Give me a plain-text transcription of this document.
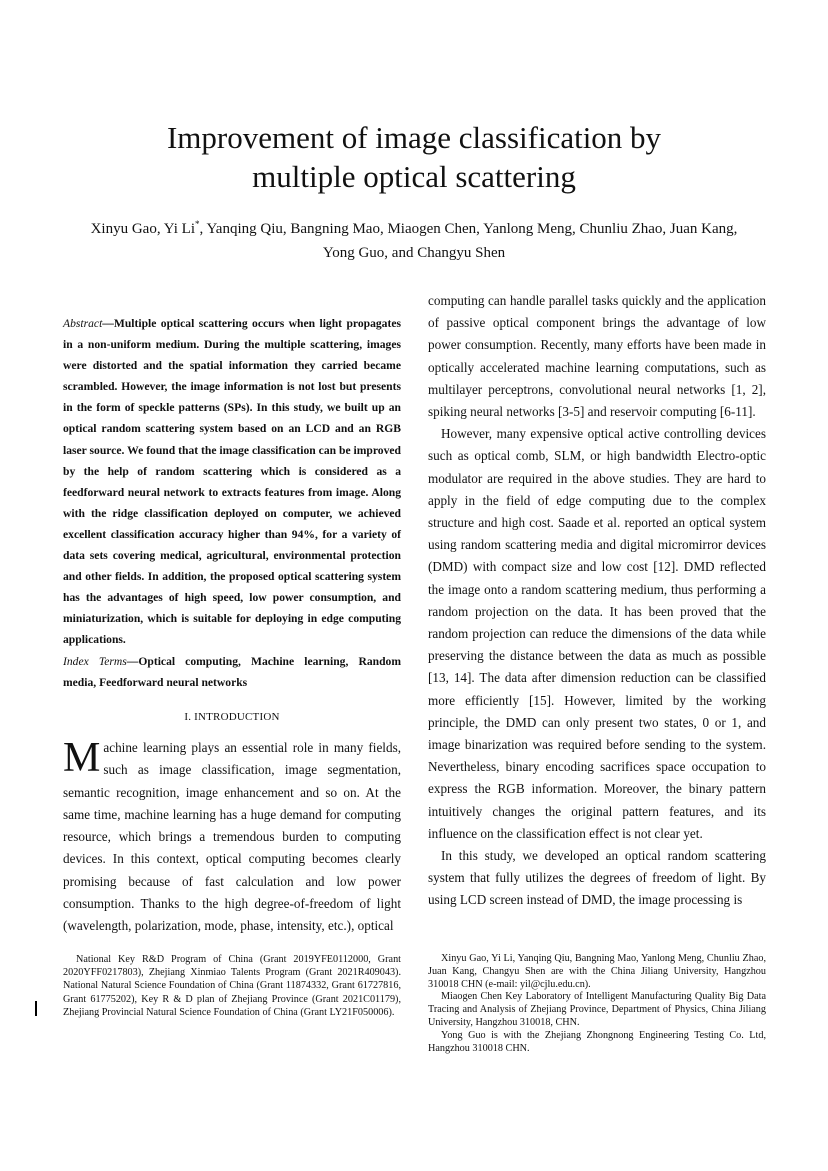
Improvement of image classification by
multiple optical scattering

Xinyu Gao, Yi Li*, Yanqing Qiu, Bangning Mao, Miaogen Chen, Yanlong Meng, Chunliu Zhao, Juan Kang, Yong Guo, and Changyu Shen

Abstract—Multiple optical scattering occurs when light propagates in a non-uniform medium. During the multiple scattering, images were distorted and the spatial information they carried became scrambled. However, the image information is not lost but presents in the form of speckle patterns (SPs). In this study, we built up an optical random scattering system based on an LCD and an RGB laser source. We found that the image classification can be improved by the help of random scattering which is considered as a feedforward neural network to extracts features from image. Along with the ridge classification deployed on computer, we achieved excellent classification accuracy higher than 94%, for a variety of data sets covering medical, agricultural, environmental protection and other fields. In addition, the proposed optical scattering system has the advantages of high speed, low power consumption, and miniaturization, which is suitable for deploying in edge computing applications.

Index Terms—Optical computing, Machine learning, Random media, Feedforward neural networks

I. INTRODUCTION

Machine learning plays an essential role in many fields, such as image classification, image segmentation, semantic recognition, image enhancement and so on. At the same time, machine learning has a huge demand for computing resource, which brings a tremendous burden to computing devices. In this context, optical computing becomes clearly promising because of fast calculation and low power consumption. Thanks to the high degree-of-freedom of light (wavelength, polarization, mode, phase, intensity, etc.), optical

computing can handle parallel tasks quickly and the application of passive optical component brings the advantage of low power consumption. Recently, many efforts have been made in optically accelerated machine learning computations, such as multilayer perceptrons, convolutional neural networks [1, 2], spiking neural networks [3-5] and reservoir computing [6-11].

However, many expensive optical active controlling devices such as optical comb, SLM, or high bandwidth Electro-optic modulator are required in the above studies. They are hard to apply in the field of edge computing due to the complex structure and high cost. Saade et al. reported an optical system using random scattering media and digital micromirror devices (DMD) with compact size and low cost [12]. DMD reflected the image onto a random scattering medium, thus performing a random projection on the data. It has been proved that the random projection can reduce the dimensions of the data while preserving the distance between the data as much as possible [13, 14]. The data after dimension reduction can be classified more efficiently [15]. However, limited by the working principle, the DMD can only present two states, 0 or 1, and image binarization was required before sending to the system. Nevertheless, binary encoding sacrifices space occupation to express the RGB information. Moreover, the binary pattern intuitively changes the original pattern features, and its influence on the classification effect is not clear yet.

In this study, we developed an optical random scattering system that fully utilizes the degrees of freedom of light. By using LCD screen instead of DMD, the image processing is

National Key R&D Program of China (Grant 2019YFE0112000, Grant 2020YFF0217803), Zhejiang Xinmiao Talents Program (Grant 2021R409043). National Natural Science Foundation of China (Grant 11874332, Grant 61727816, Grant 61775202), Key R & D plan of Zhejiang Province (Grant 2021C01179), Zhejiang Provincial Natural Science Foundation of China (Grant LY21F050006).

Xinyu Gao, Yi Li, Yanqing Qiu, Bangning Mao, Yanlong Meng, Chunliu Zhao, Juan Kang, Changyu Shen are with the China Jiliang University, Hangzhou 310018 CHN (e-mail: yil@cjlu.edu.cn).

Miaogen Chen Key Laboratory of Intelligent Manufacturing Quality Big Data Tracing and Analysis of Zhejiang Province, Department of Physics, China Jiliang University, Hangzhou 310018, CHN.

Yong Guo is with the Zhejiang Zhongnong Engineering Testing Co. Ltd, Hangzhou 310018 CHN.
